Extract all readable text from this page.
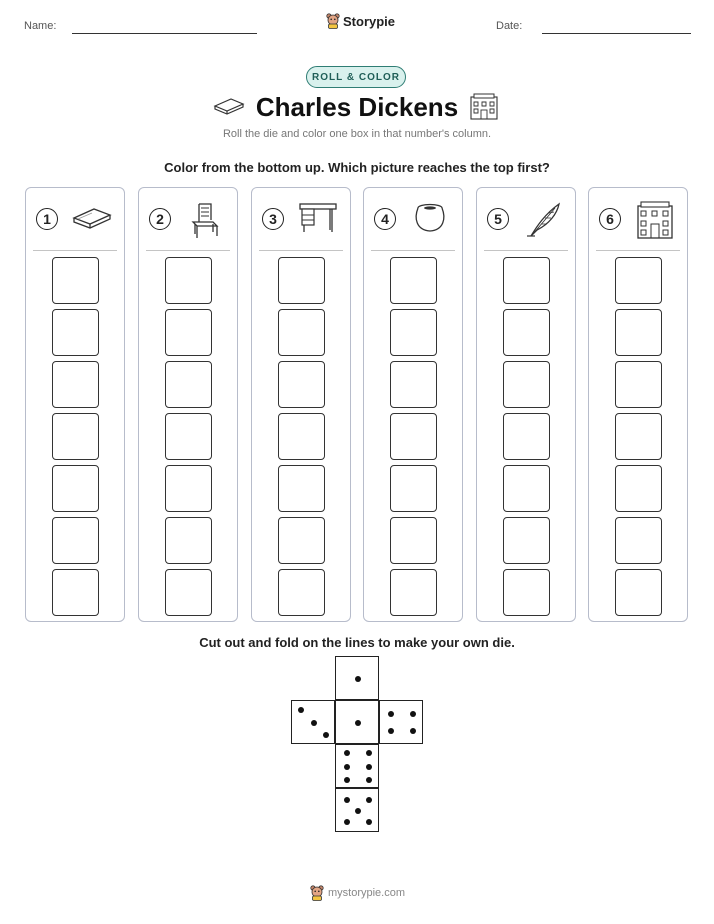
Name:	Storypie	Date:
ROLL & COLOR
Charles Dickens
Roll the die and color one box in that number's column.
Color from the bottom up. Which picture reaches the top first?
1	2	3	4	5	6
Cut out and fold on the lines to make your own die.
mystorypie.com
